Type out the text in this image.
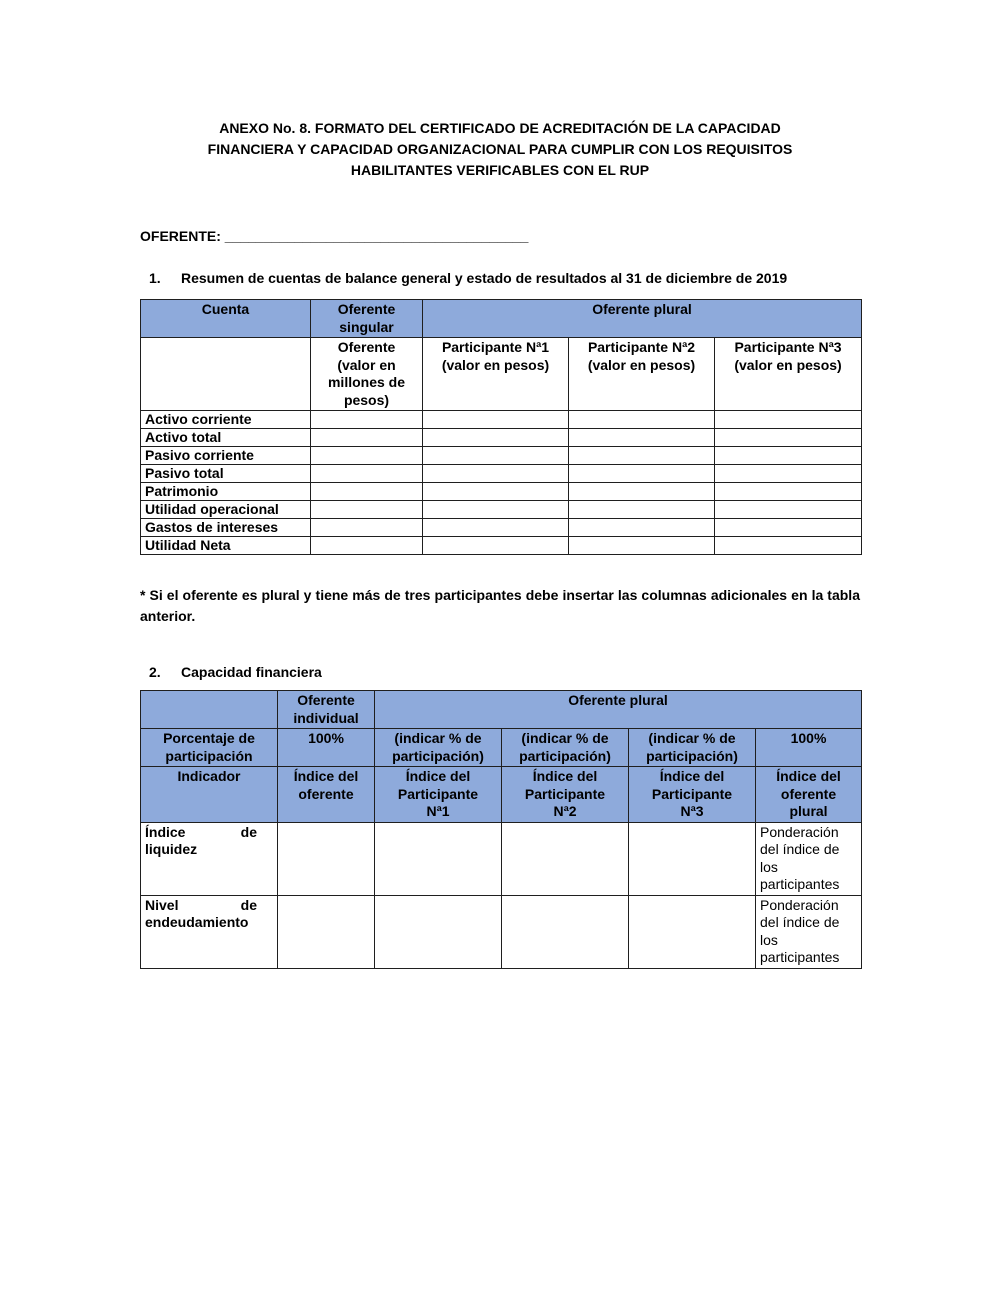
ANEXO No. 8. FORMATO DEL CERTIFICADO DE ACREDITACIÓN DE LA CAPACIDAD
FINANCIERA Y CAPACIDAD ORGANIZACIONAL PARA CUMPLIR CON LOS REQUISITOS
HABILITANTES VERIFICABLES CON EL RUP
OFERENTE: _______________________________________
1.	Resumen de cuentas de balance general y estado de resultados al 31 de diciembre de 2019
Cuenta	Oferente singular	Oferente plural		
	Oferente (valor en millones de pesos)	Participante Nª1 (valor en pesos)	Participante Nª2 (valor en pesos)	Participante Nª3 (valor en pesos)
Activo corriente				
Activo total				
Pasivo corriente				
Pasivo total				
Patrimonio				
Utilidad operacional				
Gastos de intereses				
Utilidad Neta				

* Si el oferente es plural y tiene más de tres participantes debe insertar las columnas adicionales en la tabla anterior.

2.	Capacidad financiera
	Oferente individual	Oferente plural			
Porcentaje de participación	100%	(indicar % de participación)	(indicar % de participación)	(indicar % de participación)	100%
Indicador	Índice del oferente	Índice del Participante Nª1	Índice del Participante Nª2	Índice del Participante Nª3	Índice del oferente plural

Índice de liquidez					Ponderación del índice de los participantes

Nivel de endeudamiento					Ponderación del índice de los participantes
